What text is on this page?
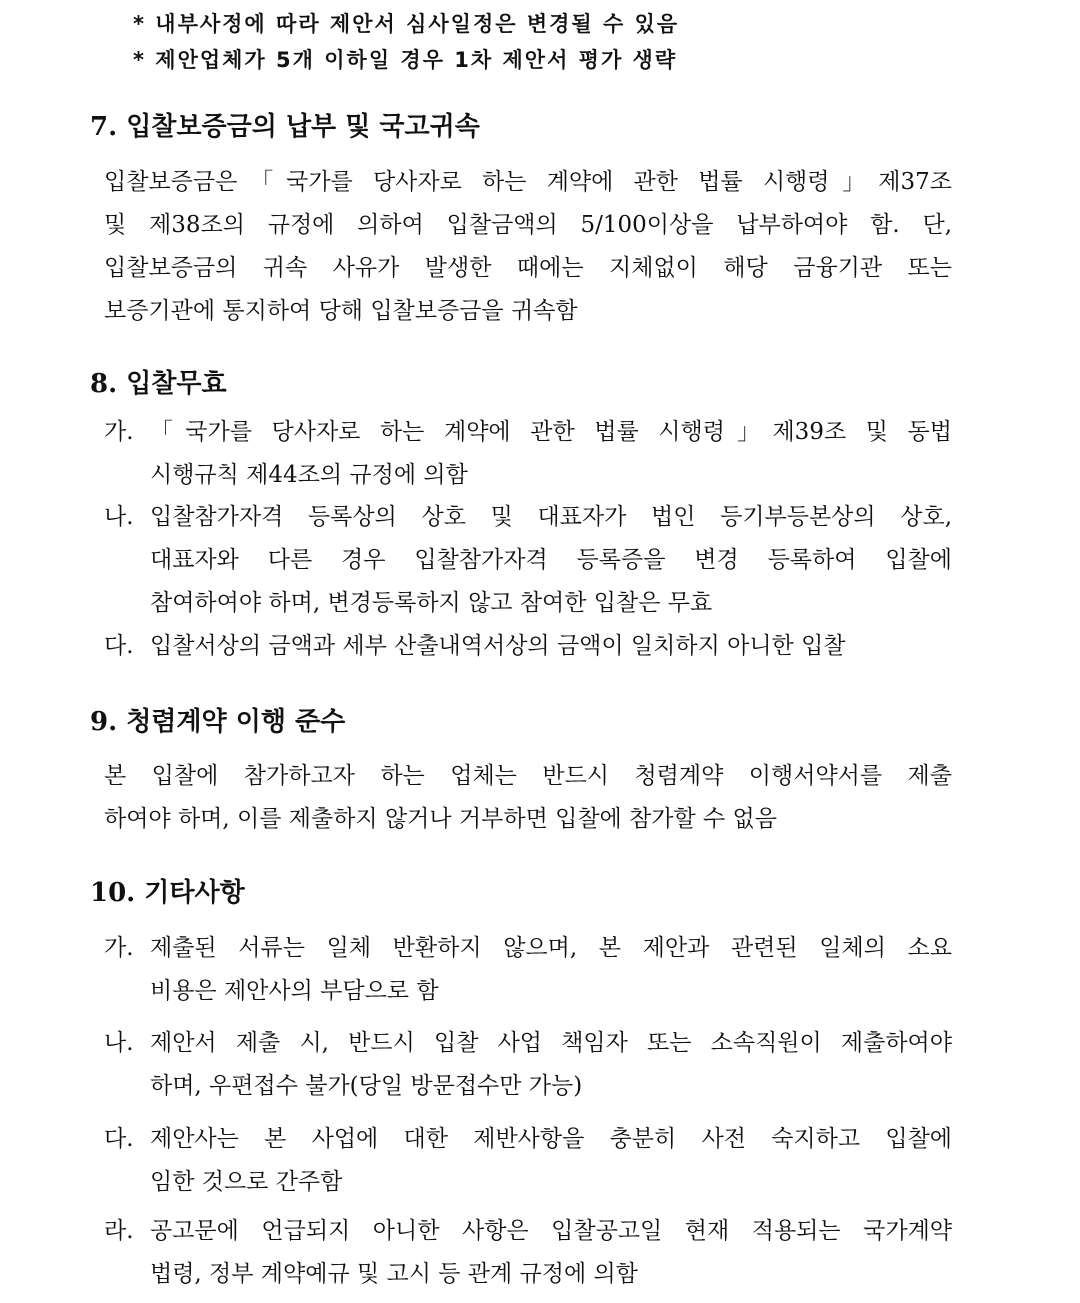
* 내부사정에 따라 제안서 심사일정은 변경될 수 있음
* 제안업체가 5개 이하일 경우 1차 제안서 평가 생략
7. 입찰보증금의 납부 및 국고귀속
입찰보증금은「국가를 당사자로 하는 계약에 관한 법률 시행령」제37조
및 제38조의 규정에 의하여 입찰금액의 5/100이상을 납부하여야 함. 단,
입찰보증금의 귀속 사유가 발생한 때에는 지체없이 해당 금융기관 또는
보증기관에 통지하여 당해 입찰보증금을 귀속함
8. 입찰무효
가. 「국가를 당사자로 하는 계약에 관한 법률 시행령」제39조 및 동법
시행규칙 제44조의 규정에 의함
나. 입찰참가자격 등록상의 상호 및 대표자가 법인 등기부등본상의 상호,
대표자와 다른 경우 입찰참가자격 등록증을 변경 등록하여 입찰에
참여하여야 하며, 변경등록하지 않고 참여한 입찰은 무효
다. 입찰서상의 금액과 세부 산출내역서상의 금액이 일치하지 아니한 입찰
9. 청렴계약 이행 준수
본 입찰에 참가하고자 하는 업체는 반드시 청렴계약 이행서약서를 제출
하여야 하며, 이를 제출하지 않거나 거부하면 입찰에 참가할 수 없음
10. 기타사항
가. 제출된 서류는 일체 반환하지 않으며, 본 제안과 관련된 일체의 소요
비용은 제안사의 부담으로 함
나. 제안서 제출 시, 반드시 입찰 사업 책임자 또는 소속직원이 제출하여야
하며, 우편접수 불가(당일 방문접수만 가능)
다. 제안사는 본 사업에 대한 제반사항을 충분히 사전 숙지하고 입찰에
임한 것으로 간주함
라. 공고문에 언급되지 아니한 사항은 입찰공고일 현재 적용되는 국가계약
법령, 정부 계약예규 및 고시 등 관계 규정에 의함
